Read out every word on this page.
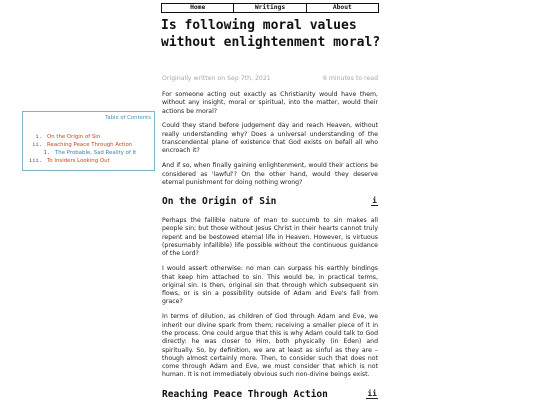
Home	Writings	About
Is following moral values without enlightenment moral?
Originally written on Sep 7th, 2021	6 minutes to read

For someone acting out exactly as Christianity would have them, without any insight, moral or spiritual, into the matter, would their actions be moral?

Could they stand before judgement day and reach Heaven, without really understanding why? Does a universal understanding of the transcendental plane of existence that God exists on befall all who encroach it?

And if so, when finally gaining enlightenment, would their actions be considered as 'lawful'? On the other hand, would they deserve eternal punishment for doing nothing wrong?

On the Origin of Sin	i

Perhaps the fallible nature of man to succumb to sin makes all people sin; but those without Jesus Christ in their hearts cannot truly repent and be bestowed eternal life in Heaven. However, is virtuous (presumably infallible) life possible without the continuous guidance of the Lord?

I would assert otherwise: no man can surpass his earthly bindings that keep him attached to sin. This would be, in practical terms, original sin. Is then, original sin that through which subsequent sin flows, or is sin a possibility outside of Adam and Eve's fall from grace?

In terms of dilution, as children of God through Adam and Eve, we inherit our divine spark from them; receiving a smaller piece of it in the process. One could argue that this is why Adam could talk to God directly: he was closer to Him, both physically (in Eden) and spiritually. So, by definition, we are at least as sinful as they are – though almost certainly more. Then, to consider such that does not come through Adam and Eve, we must consider that which is not human. It is not immediately obvious such non-divine beings exist.

Reaching Peace Through Action	ii
Table of Contents
i. On the Origin of Sin
ii. Reaching Peace Through Action
1. The Probable, Sad Reality of It
iii. To Insiders Looking Out
